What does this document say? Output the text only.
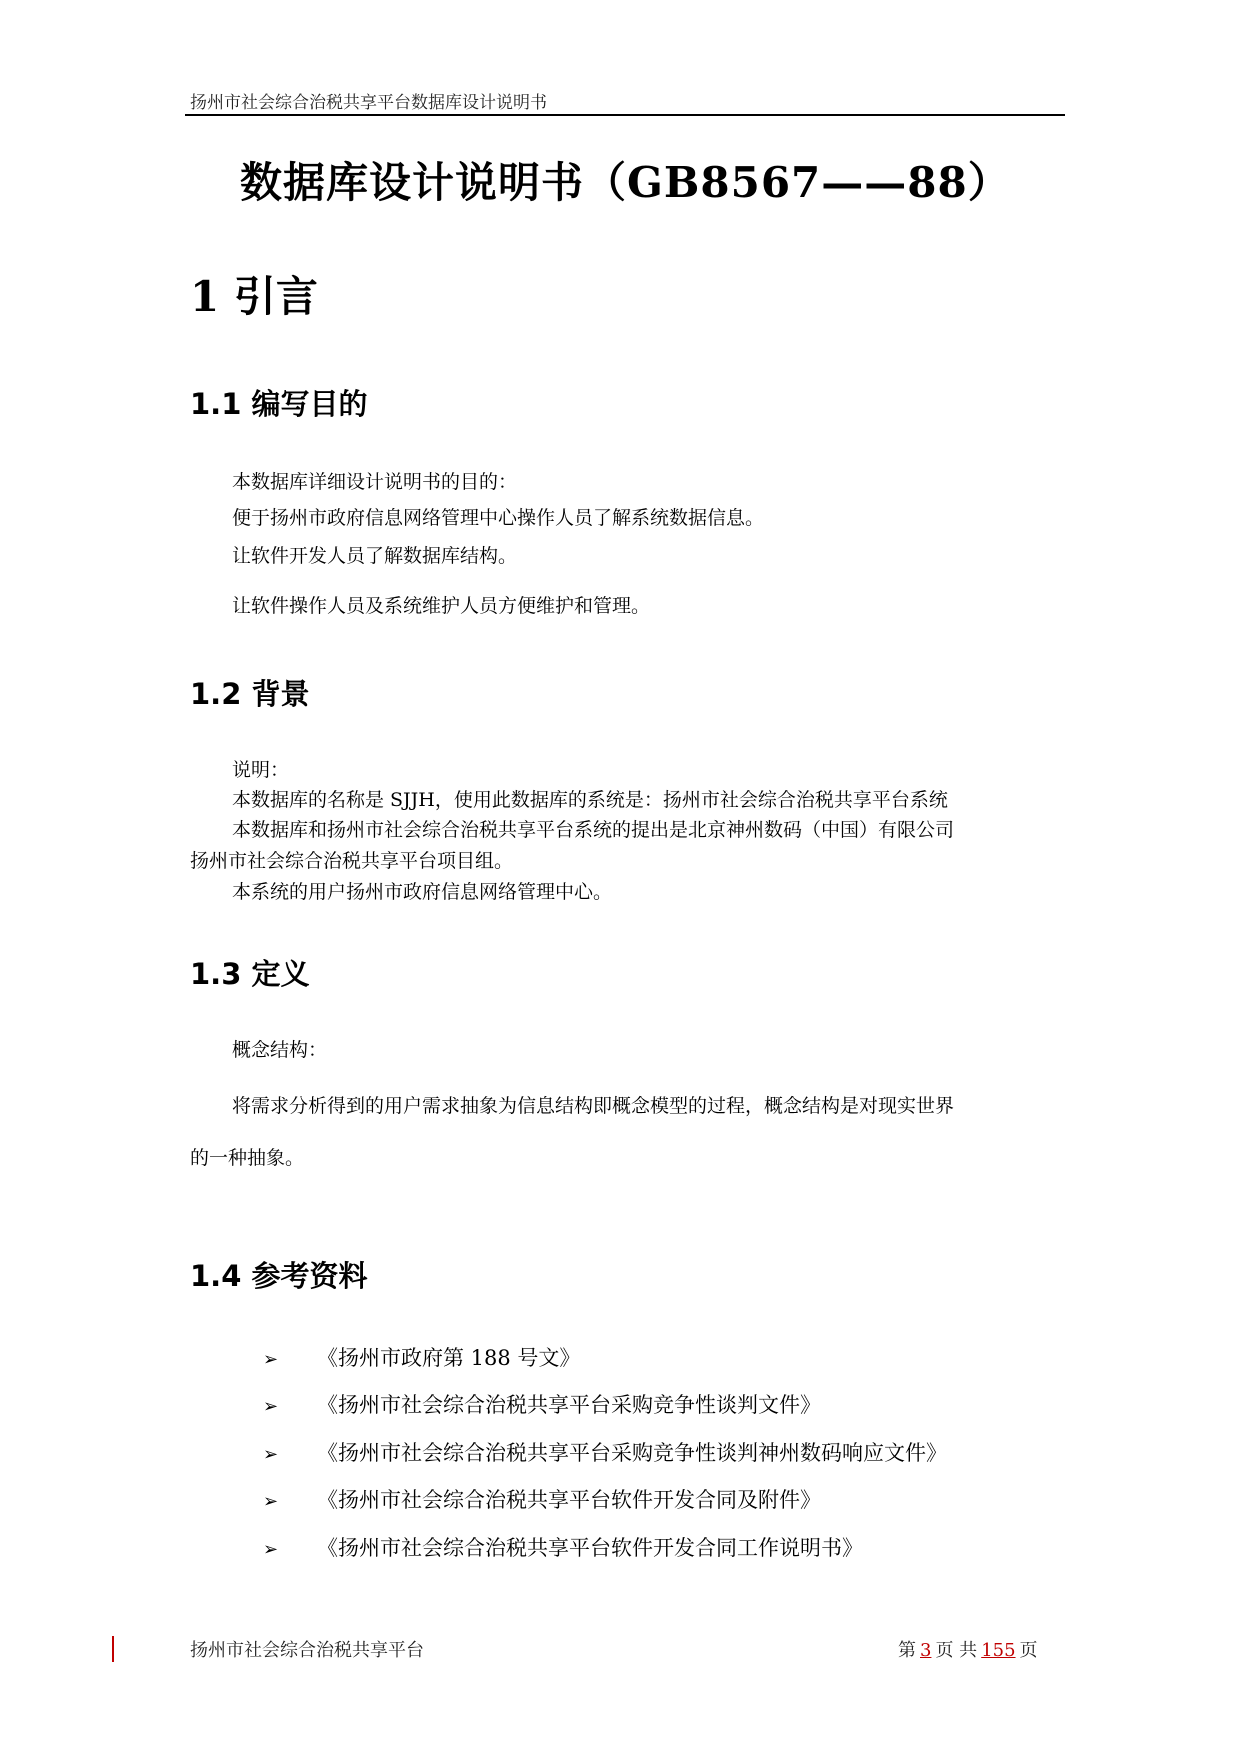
扬州市社会综合治税共享平台数据库设计说明书
数据库设计说明书（GB8567——88）
1 引言
1.1 编写目的
本数据库详细设计说明书的目的：
便于扬州市政府信息网络管理中心操作人员了解系统数据信息。
让软件开发人员了解数据库结构。
让软件操作人员及系统维护人员方便维护和管理。
1.2 背景
说明：
本数据库的名称是 SJJH，使用此数据库的系统是：扬州市社会综合治税共享平台系统
本数据库和扬州市社会综合治税共享平台系统的提出是北京神州数码（中国）有限公司
扬州市社会综合治税共享平台项目组。
本系统的用户扬州市政府信息网络管理中心。
1.3 定义
概念结构：
将需求分析得到的用户需求抽象为信息结构即概念模型的过程，概念结构是对现实世界
的一种抽象。
1.4 参考资料
➢ 《扬州市政府第 188 号文》
➢ 《扬州市社会综合治税共享平台采购竞争性谈判文件》
➢ 《扬州市社会综合治税共享平台采购竞争性谈判神州数码响应文件》
➢ 《扬州市社会综合治税共享平台软件开发合同及附件》
➢ 《扬州市社会综合治税共享平台软件开发合同工作说明书》
扬州市社会综合治税共享平台	第 3 页 共 155 页
